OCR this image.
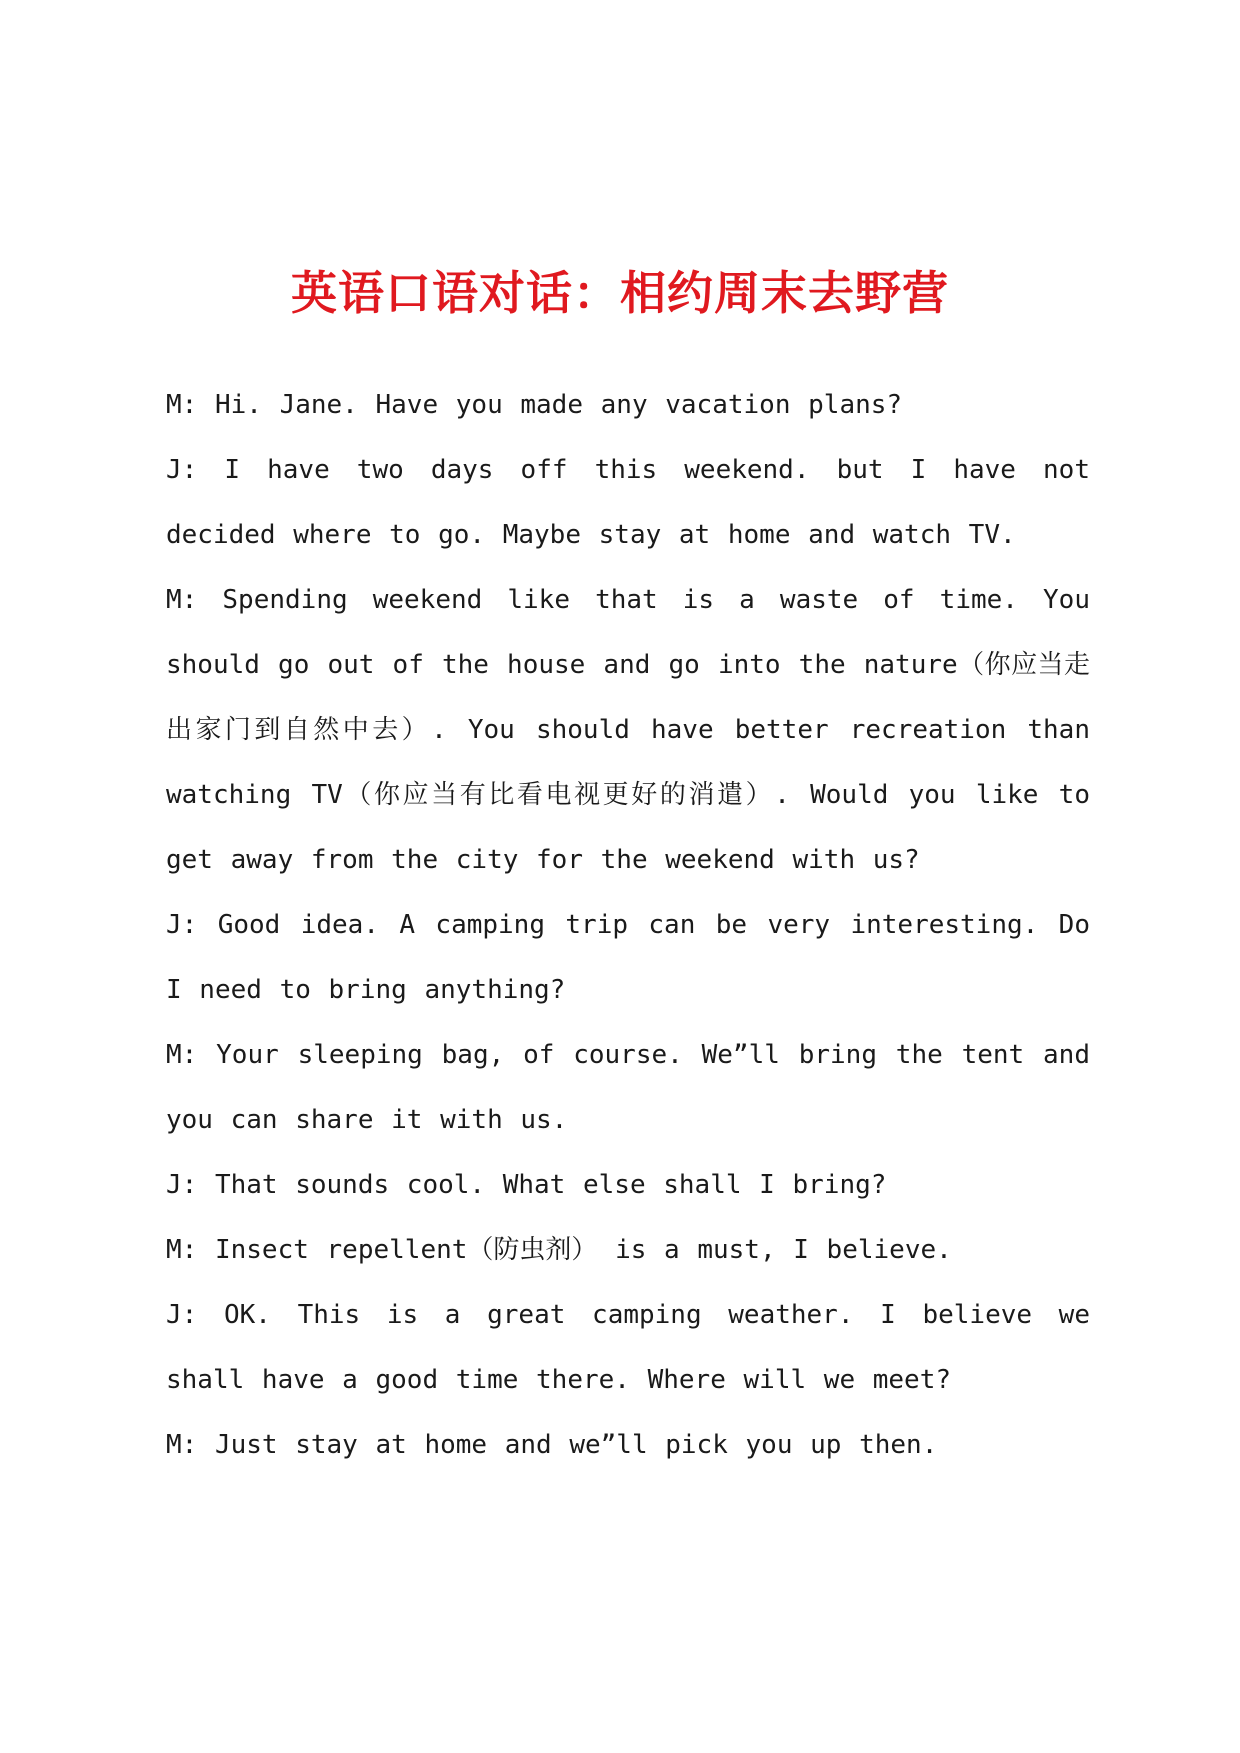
英语口语对话：相约周末去野营

M: Hi. Jane. Have you made any vacation plans?

J: I have two days off this weekend. but I have not decided where to go. Maybe stay at home and watch TV.

M: Spending weekend like that is a waste of time. You should go out of the house and go into the nature（你应当走出家门到自然中去）. You should have better recreation than watching TV（你应当有比看电视更好的消遣）. Would you like to get away from the city for the weekend with us?

J: Good idea. A camping trip can be very interesting. Do I need to bring anything?

M: Your sleeping bag, of course. We”ll bring the tent and you can share it with us.

J: That sounds cool. What else shall I bring?

M: Insect repellent（防虫剂） is a must, I believe.

J: OK. This is a great camping weather. I believe we shall have a good time there. Where will we meet?

M: Just stay at home and we”ll pick you up then.
